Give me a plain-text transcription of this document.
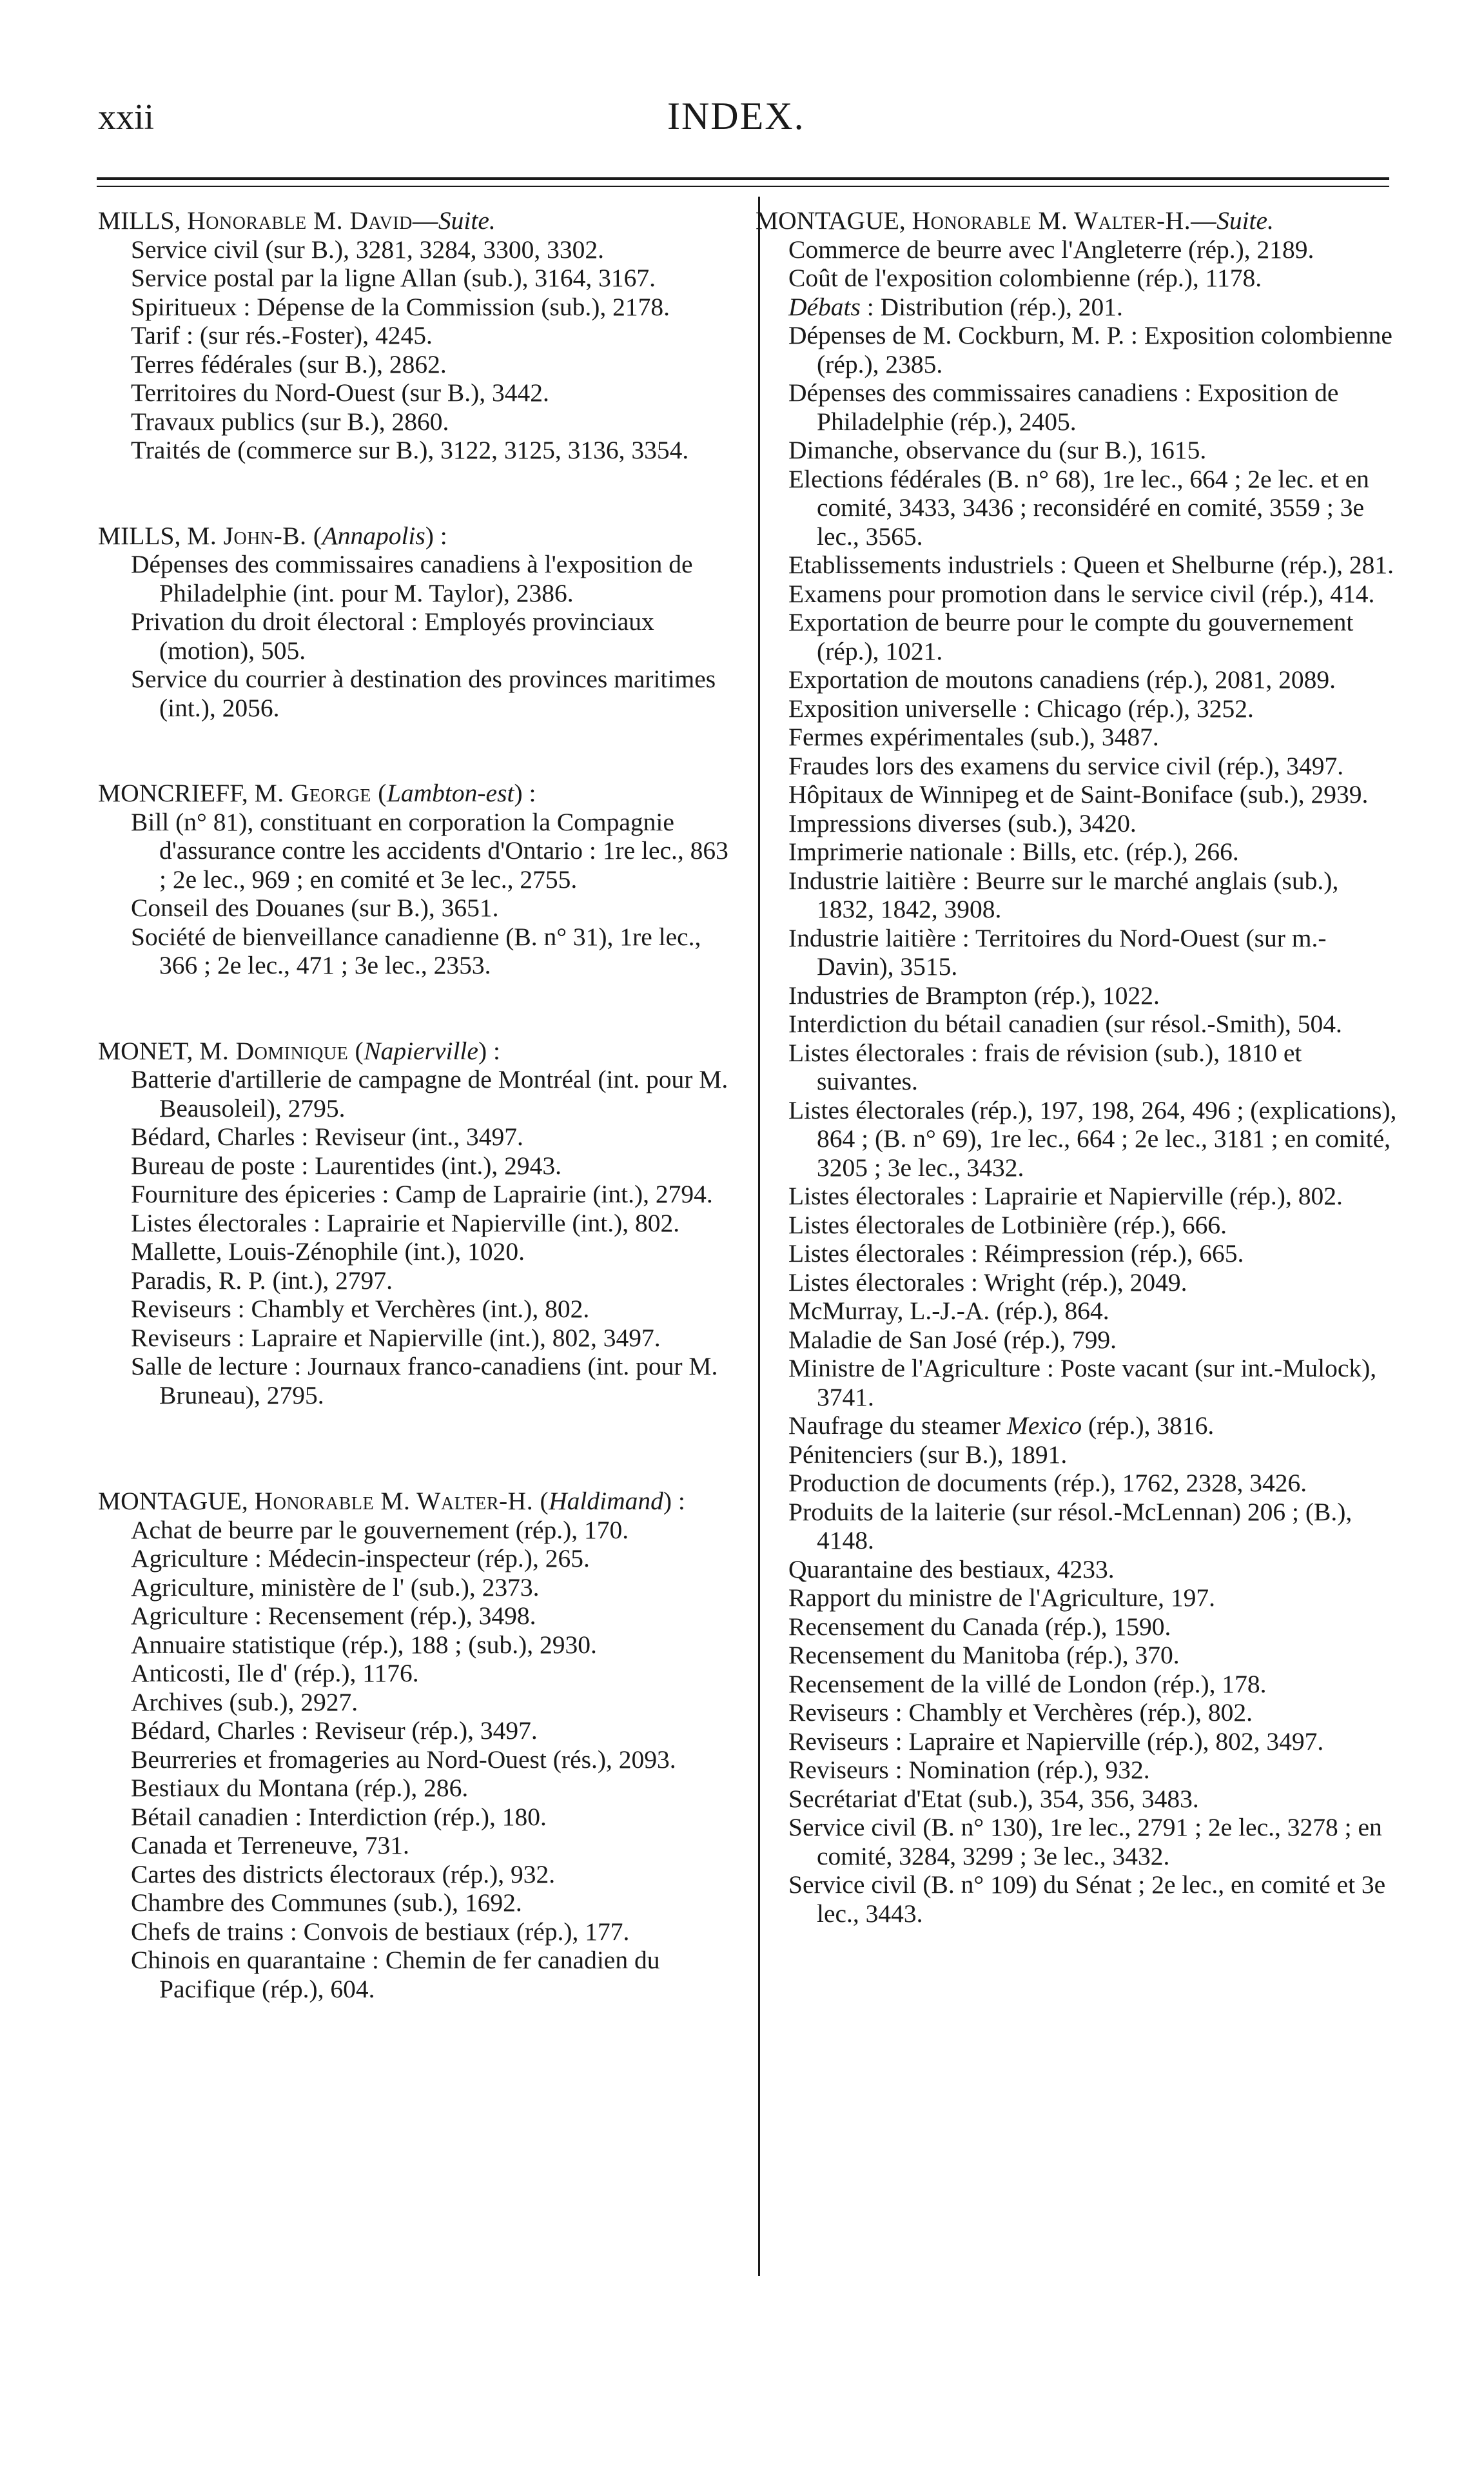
xxii	INDEX.

MILLS, Honorable M. David—Suite.

Service civil (sur B.), 3281, 3284, 3300, 3302.

Service postal par la ligne Allan (sub.), 3164, 3167.

Spiritueux : Dépense de la Commission (sub.), 2178.

Tarif : (sur rés.-Foster), 4245.

Terres fédérales (sur B.), 2862.

Territoires du Nord-Ouest (sur B.), 3442.

Travaux publics (sur B.), 2860.

Traités de (commerce sur B.), 3122, 3125, 3136, 3354.

MILLS, M. John-B. (Annapolis) :

Dépenses des commissaires canadiens à l'exposition de Philadelphie (int. pour M. Taylor), 2386.

Privation du droit électoral : Employés provinciaux (motion), 505.

Service du courrier à destination des provinces maritimes (int.), 2056.

MONCRIEFF, M. George (Lambton-est) :

Bill (n° 81), constituant en corporation la Compagnie d'assurance contre les accidents d'Ontario : 1re lec., 863 ; 2e lec., 969 ; en comité et 3e lec., 2755.

Conseil des Douanes (sur B.), 3651.

Société de bienveillance canadienne (B. n° 31), 1re lec., 366 ; 2e lec., 471 ; 3e lec., 2353.

MONET, M. Dominique (Napierville) :

Batterie d'artillerie de campagne de Montréal (int. pour M. Beausoleil), 2795.

Bédard, Charles : Reviseur (int., 3497.

Bureau de poste : Laurentides (int.), 2943.

Fourniture des épiceries : Camp de Laprairie (int.), 2794.

Listes électorales : Laprairie et Napierville (int.), 802.

Mallette, Louis-Zénophile (int.), 1020.

Paradis, R. P. (int.), 2797.

Reviseurs : Chambly et Verchères (int.), 802.

Reviseurs : Lapraire et Napierville (int.), 802, 3497.

Salle de lecture : Journaux franco-canadiens (int. pour M. Bruneau), 2795.

MONTAGUE, Honorable M. Walter-H. (Haldimand) :

Achat de beurre par le gouvernement (rép.), 170.

Agriculture : Médecin-inspecteur (rép.), 265.

Agriculture, ministère de l' (sub.), 2373.

Agriculture : Recensement (rép.), 3498.

Annuaire statistique (rép.), 188 ; (sub.), 2930.

Anticosti, Ile d' (rép.), 1176.

Archives (sub.), 2927.

Bédard, Charles : Reviseur (rép.), 3497.

Beurreries et fromageries au Nord-Ouest (rés.), 2093.

Bestiaux du Montana (rép.), 286.

Bétail canadien : Interdiction (rép.), 180.

Canada et Terreneuve, 731.

Cartes des districts électoraux (rép.), 932.

Chambre des Communes (sub.), 1692.

Chefs de trains : Convois de bestiaux (rép.), 177.

Chinois en quarantaine : Chemin de fer canadien du Pacifique (rép.), 604.

MONTAGUE, Honorable M. Walter-H.—Suite.

Commerce de beurre avec l'Angleterre (rép.), 2189.

Coût de l'exposition colombienne (rép.), 1178.

Débats : Distribution (rép.), 201.

Dépenses de M. Cockburn, M. P. : Exposition colombienne (rép.), 2385.

Dépenses des commissaires canadiens : Exposition de Philadelphie (rép.), 2405.

Dimanche, observance du (sur B.), 1615.

Elections fédérales (B. n° 68), 1re lec., 664 ; 2e lec. et en comité, 3433, 3436 ; reconsidéré en comité, 3559 ; 3e lec., 3565.

Etablissements industriels : Queen et Shelburne (rép.), 281.

Examens pour promotion dans le service civil (rép.), 414.

Exportation de beurre pour le compte du gouvernement (rép.), 1021.

Exportation de moutons canadiens (rép.), 2081, 2089.

Exposition universelle : Chicago (rép.), 3252.

Fermes expérimentales (sub.), 3487.

Fraudes lors des examens du service civil (rép.), 3497.

Hôpitaux de Winnipeg et de Saint-Boniface (sub.), 2939.

Impressions diverses (sub.), 3420.

Imprimerie nationale : Bills, etc. (rép.), 266.

Industrie laitière : Beurre sur le marché anglais (sub.), 1832, 1842, 3908.

Industrie laitière : Territoires du Nord-Ouest (sur m.-Davin), 3515.

Industries de Brampton (rép.), 1022.

Interdiction du bétail canadien (sur résol.-Smith), 504.

Listes électorales : frais de révision (sub.), 1810 et suivantes.

Listes électorales (rép.), 197, 198, 264, 496 ; (explications), 864 ; (B. n° 69), 1re lec., 664 ; 2e lec., 3181 ; en comité, 3205 ; 3e lec., 3432.

Listes électorales : Laprairie et Napierville (rép.), 802.

Listes électorales de Lotbinière (rép.), 666.

Listes électorales : Réimpression (rép.), 665.

Listes électorales : Wright (rép.), 2049.

McMurray, L.-J.-A. (rép.), 864.

Maladie de San José (rép.), 799.

Ministre de l'Agriculture : Poste vacant (sur int.-Mulock), 3741.

Naufrage du steamer Mexico (rép.), 3816.

Pénitenciers (sur B.), 1891.

Production de documents (rép.), 1762, 2328, 3426.

Produits de la laiterie (sur résol.-McLennan) 206 ; (B.), 4148.

Quarantaine des bestiaux, 4233.

Rapport du ministre de l'Agriculture, 197.

Recensement du Canada (rép.), 1590.

Recensement du Manitoba (rép.), 370.

Recensement de la villé de London (rép.), 178.

Reviseurs : Chambly et Verchères (rép.), 802.

Reviseurs : Lapraire et Napierville (rép.), 802, 3497.

Reviseurs : Nomination (rép.), 932.

Secrétariat d'Etat (sub.), 354, 356, 3483.

Service civil (B. n° 130), 1re lec., 2791 ; 2e lec., 3278 ; en comité, 3284, 3299 ; 3e lec., 3432.

Service civil (B. n° 109) du Sénat ; 2e lec., en comité et 3e lec., 3443.
